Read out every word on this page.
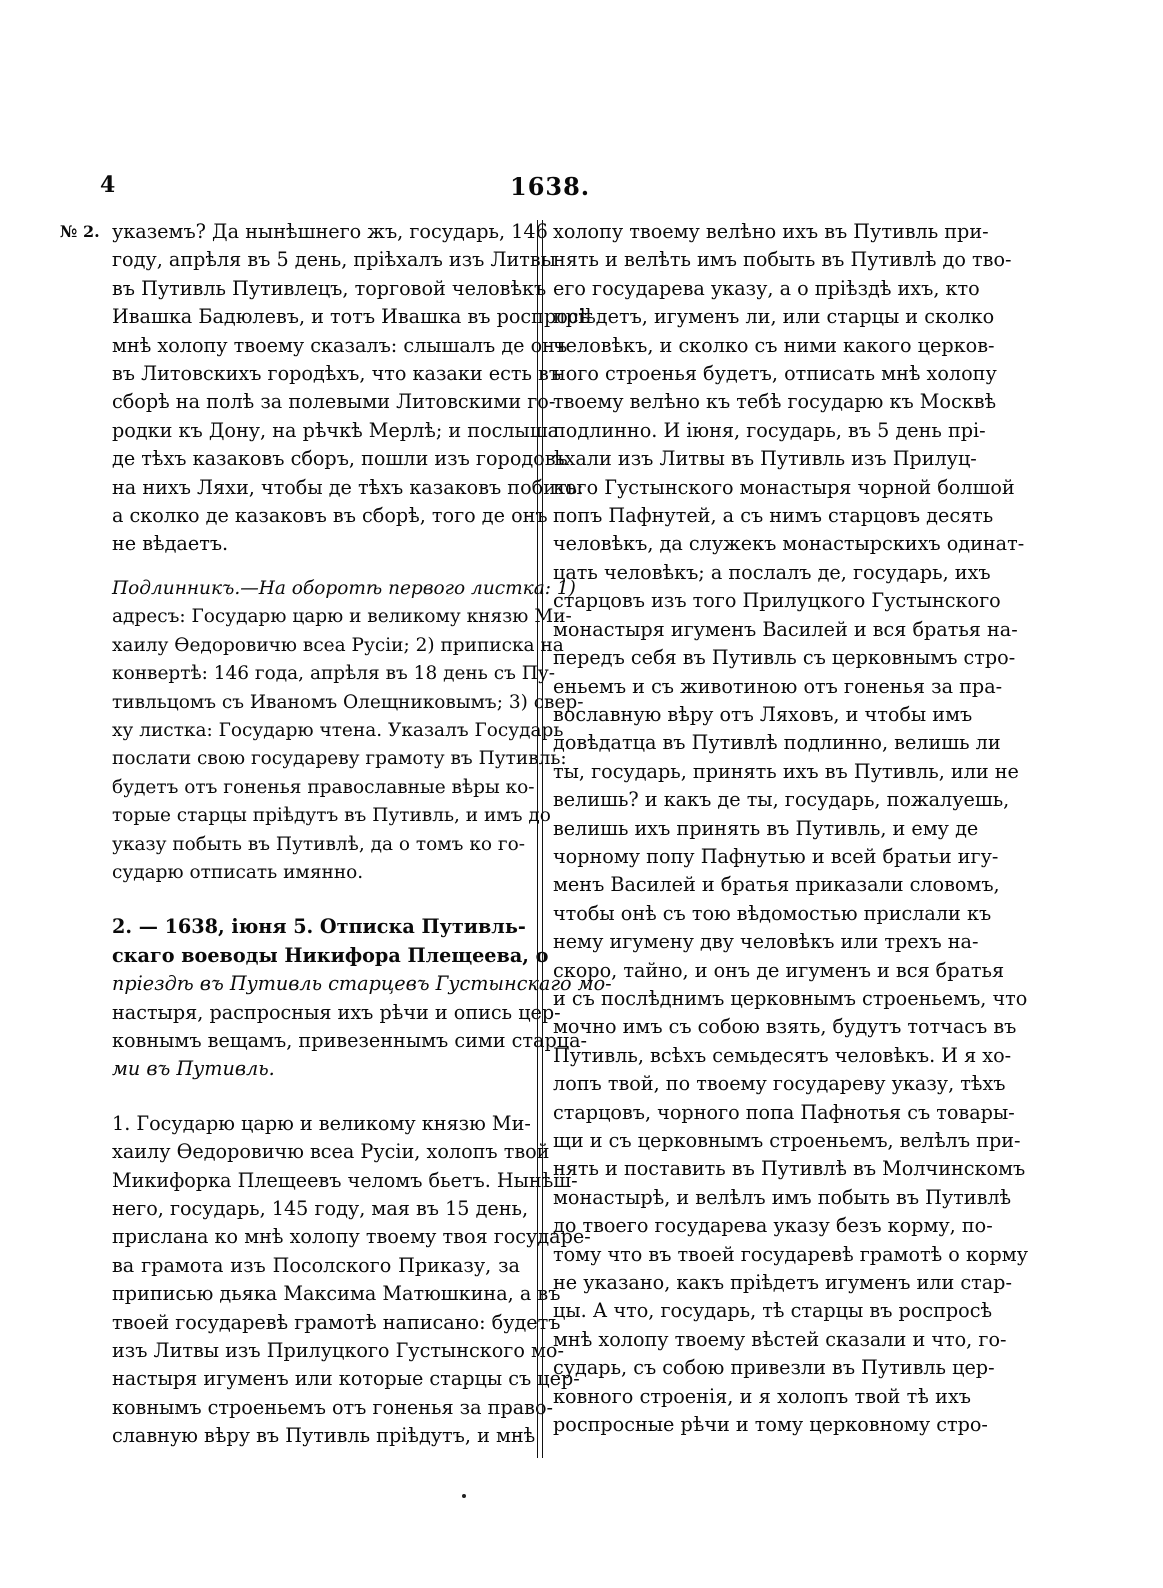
4	1638.
№ 2. указемъ? Да нынѣшнего жъ, государь, 146
году, апрѣля въ 5 день, пріѣхалъ изъ Литвы
въ Путивль Путивлецъ, торговой человѣкъ
Ивашка Бадюлевъ, и тотъ Ивашка въ роспросѣ
мнѣ холопу твоему сказалъ: слышалъ де онъ
въ Литовскихъ городѣхъ, что казаки есть въ
сборѣ на полѣ за полевыми Литовскими го-
родки къ Дону, на рѣчкѣ Мерлѣ; и послыша
де тѣхъ казаковъ сборъ, пошли изъ городовъ
на нихъ Ляхи, чтобы де тѣхъ казаковъ побить:
а сколко де казаковъ въ сборѣ, того де онъ

не вѣдаетъ.

Подлинникъ.—На оборотѣ первого листка: 1)
адресъ: Государю царю и великому князю Ми-
хаилу Ѳедоровичю всеа Русіи; 2) приписка на
конвертѣ: 146 года, апрѣля въ 18 день съ Пу-
тивльцомъ съ Иваномъ Олещниковымъ; 3) свер-
ху листка: Государю чтена. Указалъ Государь
послати свою государеву грамоту въ Путивль:
будетъ отъ гоненья православные вѣры ко-
торые старцы пріѣдутъ въ Путивль, и имъ до
указу побыть въ Путивлѣ, да о томъ ко го-

сударю отписать имянно.

2. — 1638, іюня 5. Отписка Путивль-
скаго воеводы Никифора Плещеева, о
пріездѣ въ Путивль старцевъ Густынскаго мо-
настыря, распросныя ихъ рѣчи и опись цер-
ковнымъ вещамъ, привезеннымъ сими старца-

ми въ Путивль.

1. Государю царю и великому князю Ми-
хаилу Ѳедоровичю всеа Русіи, холопъ твой
Микифорка Плещеевъ челомъ бьетъ. Нынѣш-
него, государь, 145 году, мая въ 15 день,
прислана ко мнѣ холопу твоему твоя государе-
ва грамота изъ Посолского Приказу, за
приписью дьяка Максима Матюшкина, а въ
твоей государевѣ грамотѣ написано: будетъ
изъ Литвы изъ Прилуцкого Густынского мо-
настыря игуменъ или которые старцы съ цер-
ковнымъ строеньемъ отъ гоненья за право-
славную вѣру въ Путивль пріѣдутъ, и мнѣ

холопу твоему велѣно ихъ въ Путивль при-
нять и велѣть имъ побыть въ Путивлѣ до тво-
его государева указу, а о пріѣздѣ ихъ, кто
пріѣдетъ, игуменъ ли, или старцы и сколко
человѣкъ, и сколко съ ними какого церков-
ного строенья будетъ, отписать мнѣ холопу
твоему велѣно къ тебѣ государю къ Москвѣ
подлинно. И іюня, государь, въ 5 день прі-
ѣхали изъ Литвы въ Путивль изъ Прилуц-
кого Густынского монастыря чорной болшой
попъ Пафнутей, а съ нимъ старцовъ десять
человѣкъ, да служекъ монастырскихъ одинат-
цать человѣкъ; а послалъ де, государь, ихъ
старцовъ изъ того Прилуцкого Густынского
монастыря игуменъ Василей и вся братья на-
передъ себя въ Путивль съ церковнымъ стро-
еньемъ и съ животиною отъ гоненья за пра-
вославную вѣру отъ Ляховъ, и чтобы имъ
довѣдатца въ Путивлѣ подлинно, велишь ли
ты, государь, принять ихъ въ Путивль, или не
велишь? и какъ де ты, государь, пожалуешь,
велишь ихъ принять въ Путивль, и ему де
чорному попу Пафнутью и всей братьи игу-
менъ Василей и братья приказали словомъ,
чтобы онѣ съ тою вѣдомостью прислали къ
нему игумену дву человѣкъ или трехъ на-
скоро, тайно, и онъ де игуменъ и вся братья
и съ послѣднимъ церковнымъ строеньемъ, что
мочно имъ съ собою взять, будутъ тотчасъ въ
Путивль, всѣхъ семьдесятъ человѣкъ. И я хо-
лопъ твой, по твоему государеву указу, тѣхъ
старцовъ, чорного попа Пафнотья съ товары-
щи и съ церковнымъ строеньемъ, велѣлъ при-
нять и поставить въ Путивлѣ въ Молчинскомъ
монастырѣ, и велѣлъ имъ побыть въ Путивлѣ
до твоего государева указу безъ корму, по-
тому что въ твоей государевѣ грамотѣ о корму
не указано, какъ пріѣдетъ игуменъ или стар-
цы. А что, государь, тѣ старцы въ роспросѣ
мнѣ холопу твоему вѣстей сказали и что, го-
сударь, съ собою привезли въ Путивль цер-
ковного строенія, и я холопъ твой тѣ ихъ
роспросные рѣчи и тому церковному стро-
